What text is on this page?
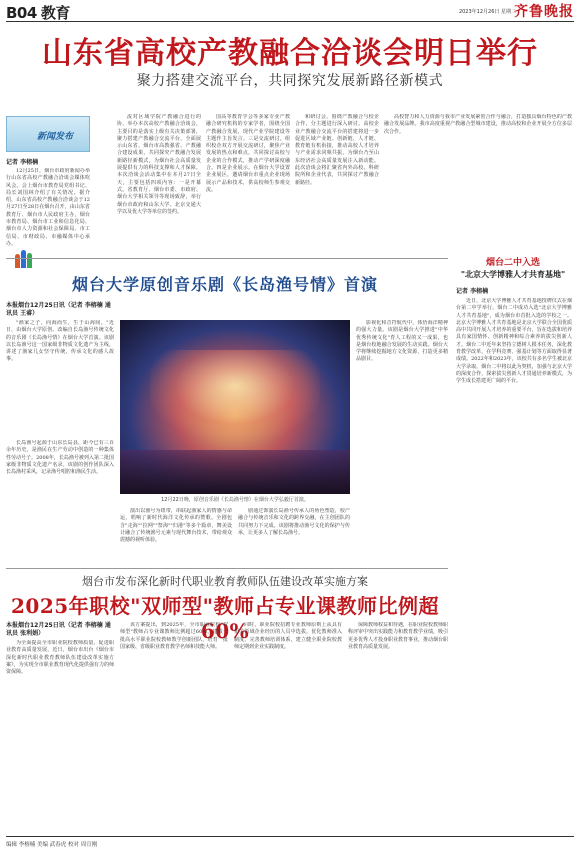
B04 教育	2023年12月26日 星期二
齐鲁晚报
山东省高校产教融合洽谈会明日举行
聚力搭建交流平台，共同探究发展新路径新模式
新闻发布
记者 李榕楠

12月25日，烟台市政府新闻办举行山东省高校产教融合洽谈会媒体吹风会。会上烟台市教育局党组书记、局长刘国林介绍了有关情况。据介绍，山东省高校产教融合洽谈会于12月27日至28日在烟台召开，由山东省教育厅、烟台市人民政府主办，烟台市教育局、烟台市工业和信息化局、烟台市人力资源和社会保障局、市工信局、市财政局、市融媒体中心承办。

流对区域学院产教融合进行的协，举办本次高校产教融合洽谈会，主要目的是落实上级有关决策部署，聚力搭建产教融合交流平台，全面展示山东省、烟台市高教强省、产教融合建设成果，共同探究产教融合发展新路径新模式，为烟台社会高质量发展提供有力的科技支撑和人才保障。本次洽谈会活动集中在本月27日全天，主要包括四项内容：一是开幕式。省教育厅、烟台市委、市政府、烟台大学相关领导等现场致辞，举行烟台市政府和山东大学、北京交通大学以及优大学等单位的签约。

国高等教育学会等多家专业产教融合研究机构的专家学者，围绕全国产教融合发展、现代产业学院建设等主题作主旨发言。三是交流研讨。组织校企双方开展交流研讨，聚焦产业发展的热点和难点，共同探讨高校与企业的合作模式，推动产学研深度融合。四是企业展示。在烟台大学设置企业展区，邀请烟台市重点企业现场展示产品和技术，供高校师生参观交流。

和研讨会，围绕产教融合与校企合作，分主题进行深入研讨。高校企业产教融合交流平台的搭建将进一步促进区域产业链、创新链、人才链、教育链有机衔接，推动高校人才培养与产业需求同频共振，为烟台乃至山东经济社会高质量发展注入新动能。此次洽谈会将汇聚省内外高校、科研院所和企业代表，共同探讨产教融合新路径。

高校智力和人力资源与我市产业发展紧密合作与融合，打造独具烟台特色的产教融合发展品牌。我市高度重视产教融合型城市建设，推动高校和企业开展全方位多层次合作。

烟台大学原创音乐剧《长岛渔号情》首演
本报烟台12月25日讯（记者 李榕楠 通讯员 王睿）

"渔家之子，向海而生，生于山海间。"近日，由烟台大学原创、改编自长岛渔号传统文化的音乐剧《长岛渔号情》在烟台大学首演。该剧以长岛渔号这一国家级非物质文化遗产为主线，讲述了渔家儿女坚守传统、传承文化的感人故事。

长岛渔号起源于山东长岛县，距今已有三百余年历史，是渔民在生产劳动中创造的一种集体性劳动号子。2008年，长岛渔号被列入第二批国家级非物质文化遗产名录。该剧的创作团队深入长岛渔村采风，记录渔号唱腔和渔民生活。

12月22日晚，原创音乐剧《长岛渔号情》在烟台大学弘毅厅首演。

演出以渔号为纽带，串联起渔家人的情感与命运，唱响了新时代海洋文化传承的赞歌。全剧包含"走海""拉网""祭海""归港"等多个篇章，舞美设计融合了传统渔号元素与现代舞台技术，带给观众震撼的视听体验。

剧通过饰演长岛渔号传承人的角色塑造，校产融合与传统音乐和文化的跨界交融，在主创团队的共同努力下完成。该剧将推动渔号文化的保护与传承，让更多人了解长岛渔号。

影视化和音符航代中，体悟海洋精神的强大力量。该剧是烟台大学推进"中华优秀传统文化"育人工程的又一成果，也是烟台校地融合发展的生动实践。烟台大学将继续挖掘地方文化资源，打造更多精品剧目。

烟台二中入选
"北京大学博雅人才共育基地"
记者 李榕楠

近日，北京大学博雅人才共育基地授牌仪式在烟台第二中学举行。烟台二中成功入选"北京大学博雅人才共育基地"，成为烟台市首批入选的学校之一。北京大学博雅人才共育基地是北京大学联合全国优质高中共同开展人才培养的重要平台，旨在选拔和培养具有家国情怀、创新精神和综合素养的拔尖创新人才。烟台二中近年来坚持立德树人根本任务，深化教育教学改革，在学科竞赛、强基计划等方面取得显著成绩。2022年和2023年，该校共有多名学生被北京大学录取。烟台二中将以此为契机，加强与北京大学的深度合作，探索拔尖创新人才贯通培养新模式，为学生成长搭建更广阔的平台。

烟台市发布深化新时代职业教育教师队伍建设改革实施方案
2025年职校"双师型"教师占专业课教师比例超60%
本报烟台12月25日讯（记者 李榕楠 通讯员 张利娟）

为全面提高全市职业院校教师质量，促进职业教育高质量发展，近日，烟台市出台《烟台市深化新时代职业教育教师队伍建设改革实施方案》，为实现全市职业教育现代化提供强有力的师资保障。

该方案提出，到2025年，全市职业院校"双师型"教师占专业课教师比例超过60%，建成一批高水平职业院校教师教学创新团队，培育一批国家级、省级职业教育教学名师和技能大师。

同时，职业院校招聘专业教师原则上从具有相关领域企业经历的人员中选拔，优化教师准入制度，完善教师培训体系，建立健全职业院校教师定期到企业实践制度。

保障教师权益和待遇，在职业院校教师职称评审中突出实践能力和教育教学业绩，吸引更多优秀人才投身职业教育事业，推动烟台职业教育高质量发展。

编辑 李榕楠 美编 武春虎 校对 周宣刚
